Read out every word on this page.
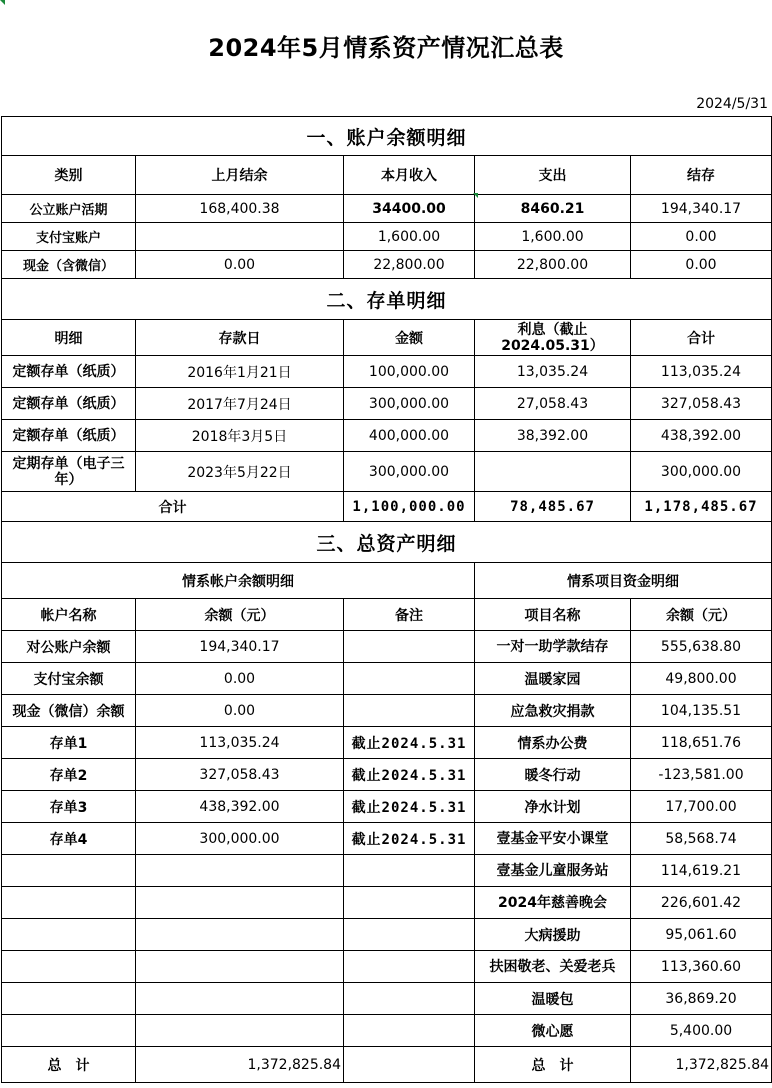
2024年5月情系资产情况汇总表
2024/5/31
一、账户余额明细				
类别	上月结余	本月收入	支出	结存
公立账户活期	168,400.38	34400.00	8460.21	194,340.17
支付宝账户		1,600.00	1,600.00	0.00
现金（含微信）	0.00	22,800.00	22,800.00	0.00
二、存单明细				
明细	存款日	金额	利息（截止2024.05.31）	合计
定额存单（纸质）	2016年1月21日	100,000.00	13,035.24	113,035.24
定额存单（纸质）	2017年7月24日	300,000.00	27,058.43	327,058.43
定额存单（纸质）	2018年3月5日	400,000.00	38,392.00	438,392.00
定期存单（电子三年）	2023年5月22日	300,000.00		300,000.00
合计		1,100,000.00	78,485.67	1,178,485.67
三、总资产明细				
情系帐户余额明细			情系项目资金明细	
帐户名称	余额（元）	备注	项目名称	余额（元）
对公账户余额	194,340.17		一对一助学款结存	555,638.80
支付宝余额	0.00		温暖家园	49,800.00
现金（微信）余额	0.00		应急救灾捐款	104,135.51
存单1	113,035.24	截止2024.5.31	情系办公费	118,651.76
存单2	327,058.43	截止2024.5.31	暖冬行动	-123,581.00
存单3	438,392.00	截止2024.5.31	净水计划	17,700.00
存单4	300,000.00	截止2024.5.31	壹基金平安小课堂	58,568.74
			壹基金儿童服务站	114,619.21
			2024年慈善晚会	226,601.42
			大病援助	95,061.60
			扶困敬老、关爱老兵	113,360.60
			温暖包	36,869.20
			微心愿	5,400.00
总　计	1,372,825.84		总　计	1,372,825.84
